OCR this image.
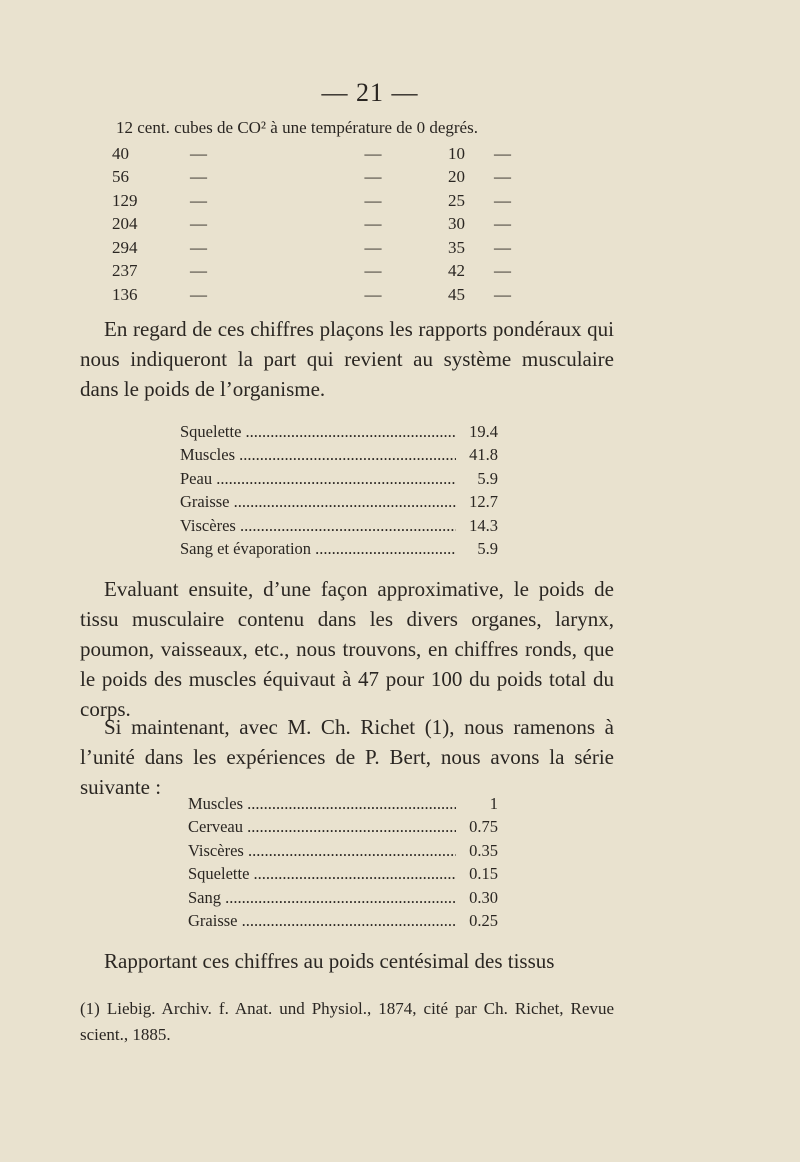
— 21 —
12 cent. cubes de CO² à une température de 0 degrés.
40	—	—	10	—
56	—	—	20	—
129	—	—	25	—
204	—	—	30	—
294	—	—	35	—
237	—	—	42	—
136	—	—	45	—

En regard de ces chiffres plaçons les rapports pondéraux qui nous indiqueront la part qui revient au système musculaire dans le poids de l’organisme.

Squelette .....	19.4
Muscles .....	41.8
Peau .....	5.9
Graisse .....	12.7
Viscères .....	14.3
Sang et évaporation .....	5.9

Evaluant ensuite, d’une façon approximative, le poids de tissu musculaire contenu dans les divers organes, larynx, poumon, vaisseaux, etc., nous trouvons, en chiffres ronds, que le poids des muscles équivaut à 47 pour 100 du poids total du corps.

Si maintenant, avec M. Ch. Richet (1), nous ramenons à l’unité dans les expériences de P. Bert, nous avons la série suivante :

Muscles .....	1
Cerveau .....	0.75
Viscères .....	0.35
Squelette .....	0.15
Sang .....	0.30
Graisse .....	0.25

Rapportant ces chiffres au poids centésimal des tissus

(1) Liebig. Archiv. f. Anat. und Physiol., 1874, cité par Ch. Richet, Revue scient., 1885.
